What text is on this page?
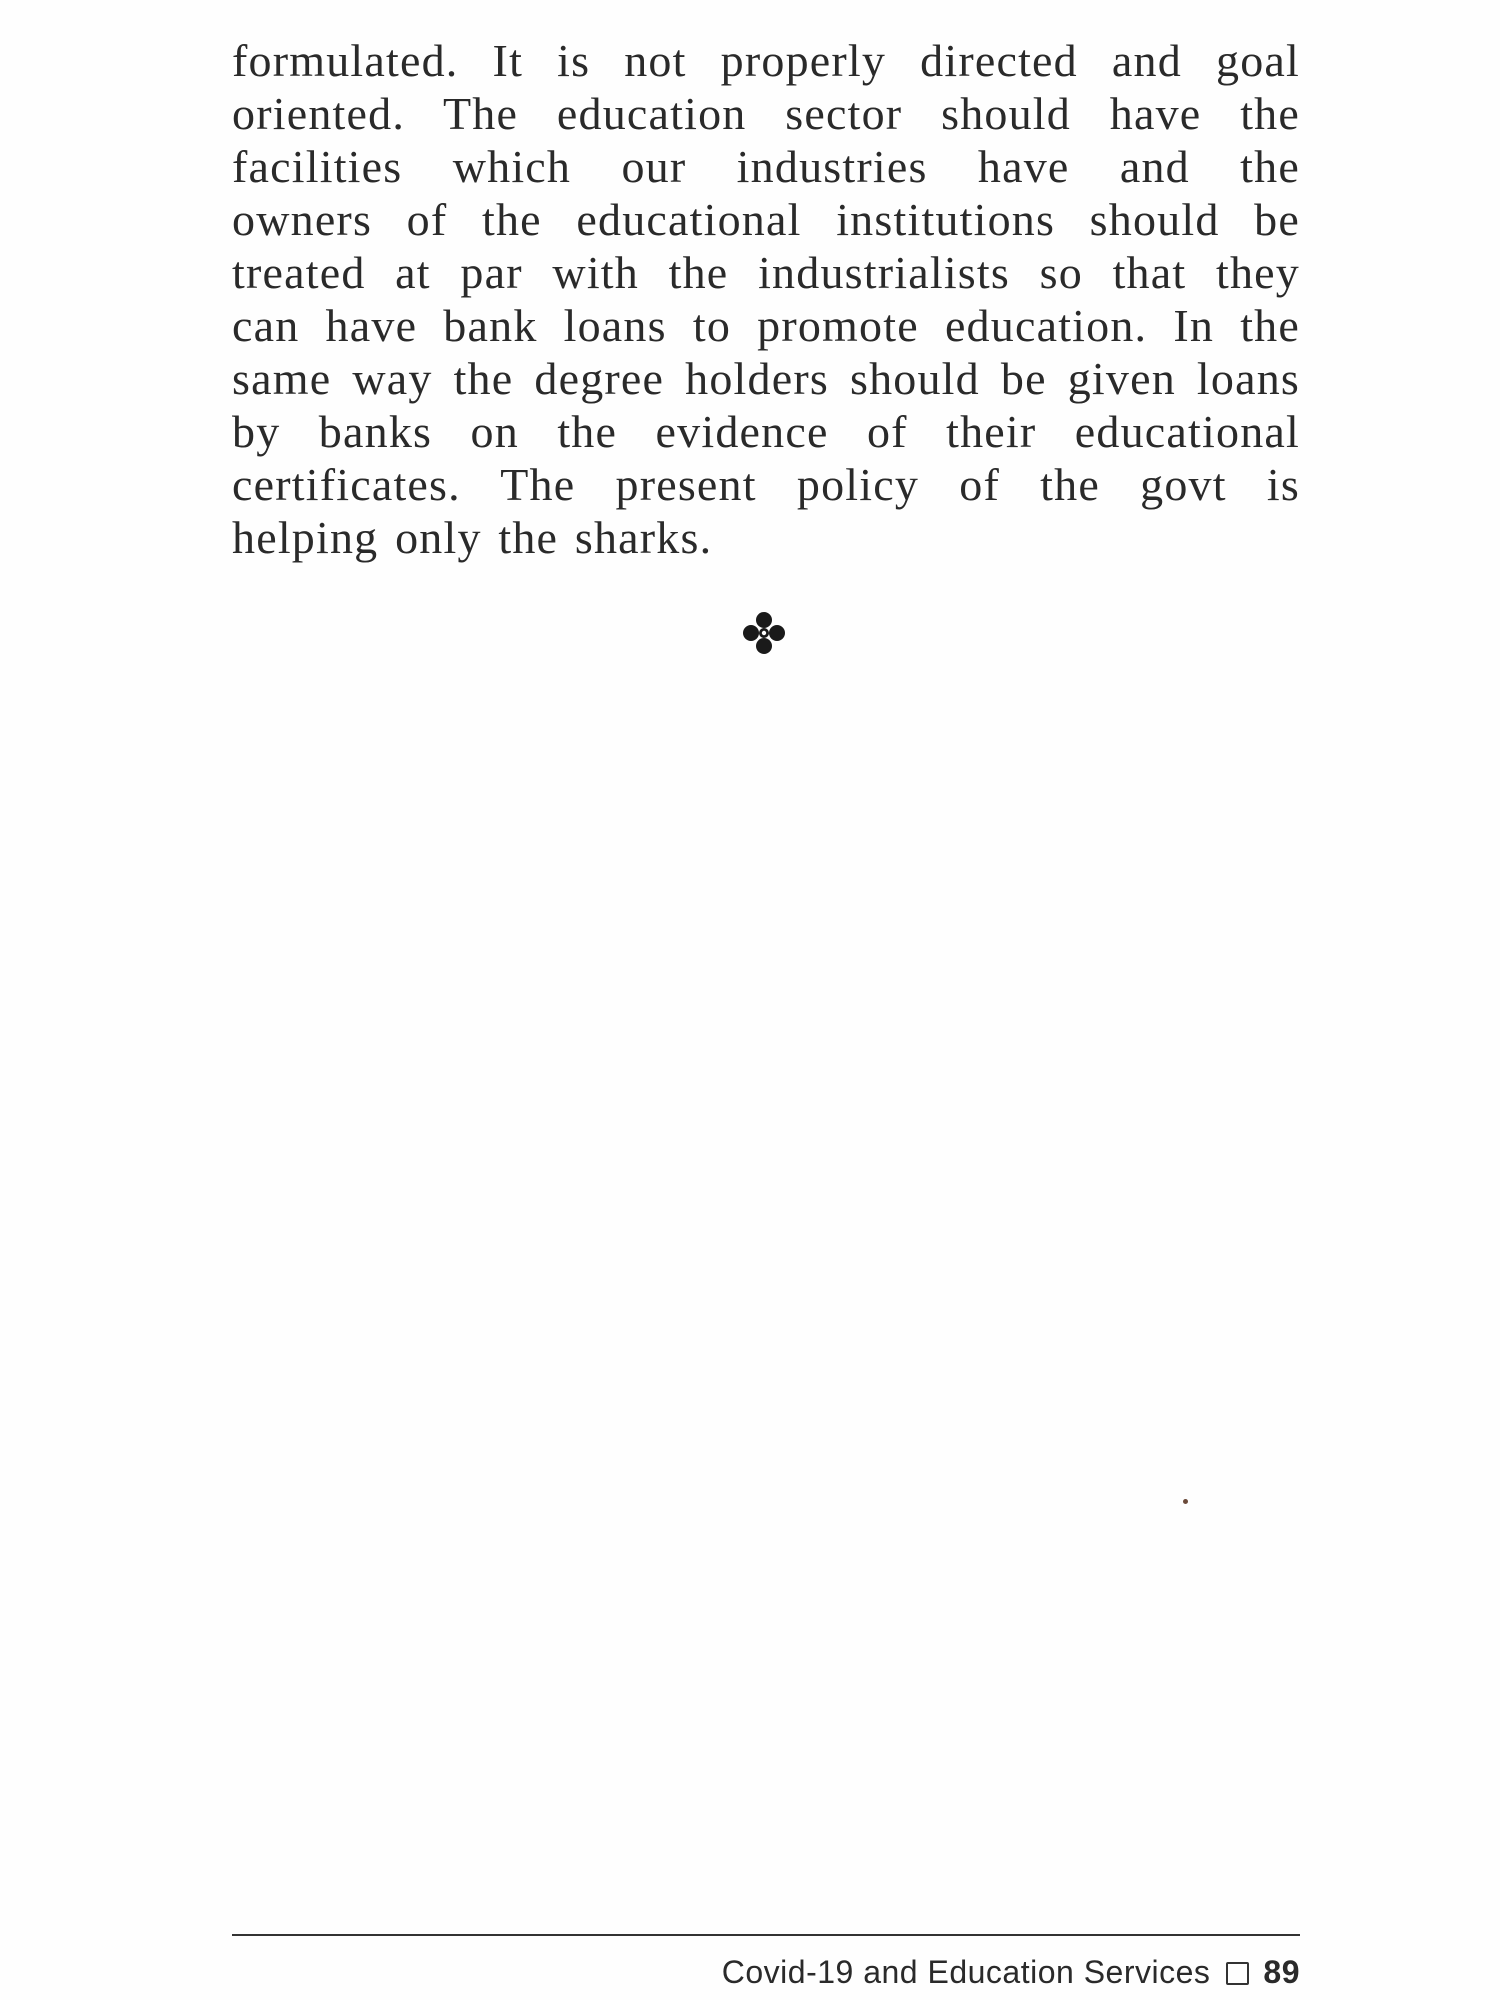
formulated. It is not properly directed and goal
oriented. The education sector should have the
facilities which our industries have and the
owners of the educational institutions should be
treated at par with the industrialists so that they
can have bank loans to promote education. In the
same way the degree holders should be given loans
by banks on the evidence of their educational
certificates. The present policy of the govt is
helping only the sharks.
Covid-19 and Education Services 89
